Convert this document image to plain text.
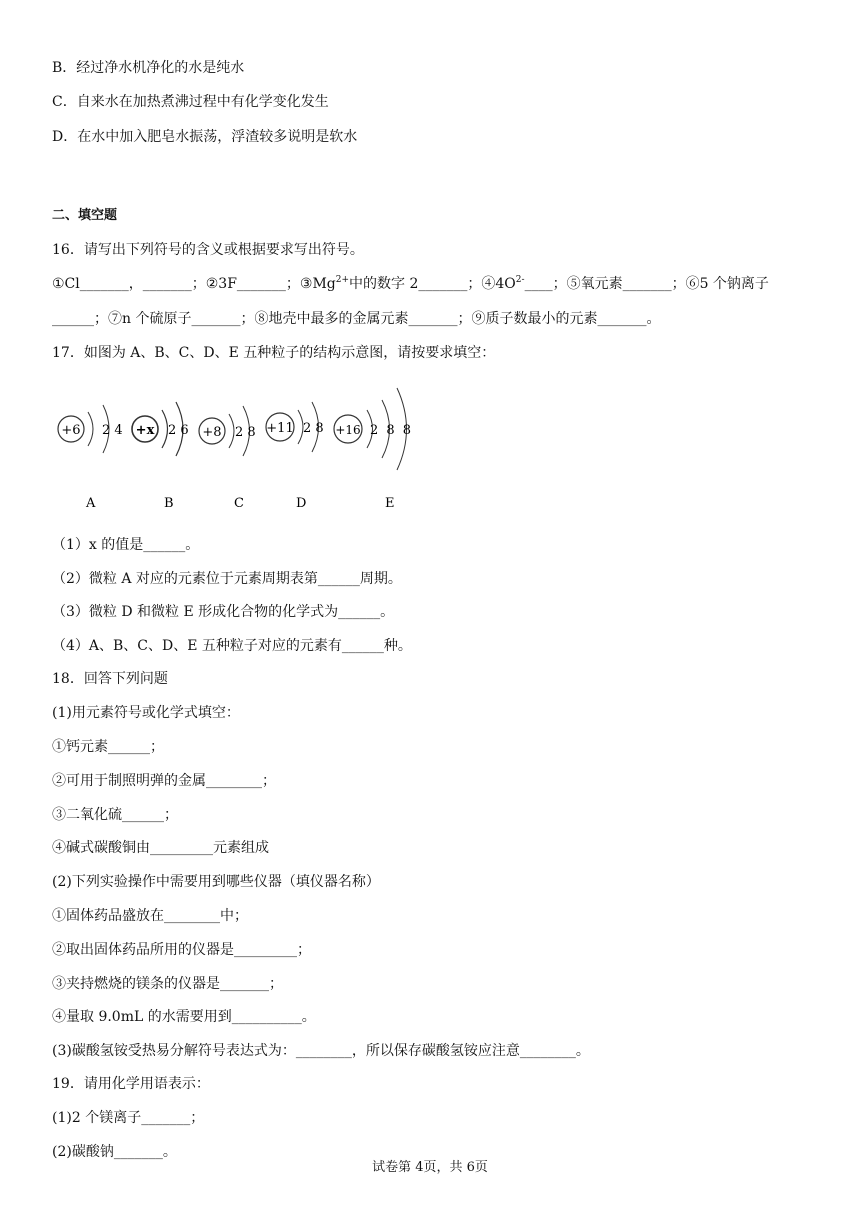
B．经过净水机净化的水是纯水
C．自来水在加热煮沸过程中有化学变化发生
D．在水中加入肥皂水振荡，浮渣较多说明是软水
二、填空题
16．请写出下列符号的含义或根据要求写出符号。
①Cl_______，_______；②3F_______；$③Mg^{2+}$中的数字 2_______；$④4O^{2-}\_\_\_\_$；⑤氧元素_______；⑥5 个钠离子
______；⑦n 个硫原子_______；⑧地壳中最多的金属元素_______；⑨质子数最小的元素_______。
17．如图为 A、B、C、D、E 五种粒子的结构示意图，请按要求填空：
+6 2 4
A
+x 2 6
B
+8 2 8
C
+11 2 8
D
+16 2 8 8
E
（1）x 的值是______。
（2）微粒 A 对应的元素位于元素周期表第______周期。
（3）微粒 D 和微粒 E 形成化合物的化学式为______。
（4）A、B、C、D、E 五种粒子对应的元素有______种。
18．回答下列问题
(1)用元素符号或化学式填空：
①钙元素______；
②可用于制照明弹的金属________；
③二氧化硫______；
④碱式碳酸铜由_________元素组成
(2)下列实验操作中需要用到哪些仪器（填仪器名称）
①固体药品盛放在________中；
②取出固体药品所用的仪器是_________；
③夹持燃烧的镁条的仪器是_______；
④量取 9.0mL 的水需要用到__________。
(3)碳酸氢铵受热易分解符号表达式为：________，所以保存碳酸氢铵应注意________。
19．请用化学用语表示：
(1)2 个镁离子_______；
(2)碳酸钠_______。
试卷第 4页，共 6页
